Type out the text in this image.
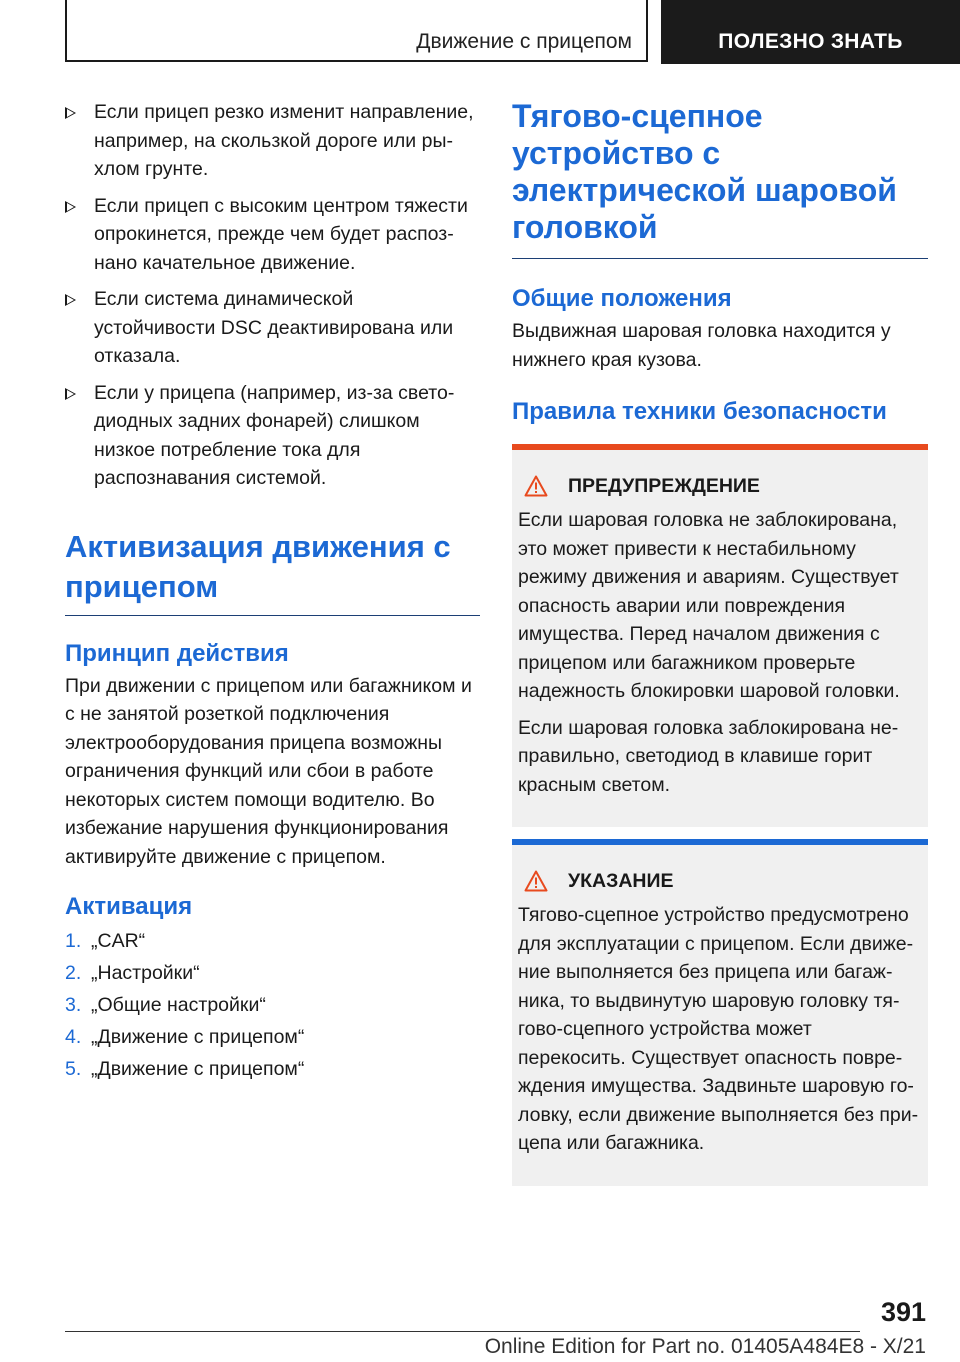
Движение с прицепом	ПОЛЕЗНО ЗНАТЬ
Если прицеп резко изменит направление, например, на скользкой дороге или рыхлом грунте.
Если прицеп с высоким центром тяжести опрокинется, прежде чем будет распознано качательное движение.
Если система динамической устойчивости DSC деактивирована или отказала.
Если у прицепа (например, из-за светодиодных задних фонарей) слишком низкое потребление тока для распознавания системой.
Активизация движения с прицепом
Принцип действия

При движении с прицепом или багажником и с не занятой розеткой подключения электрооборудования прицепа возможны ограничения функций или сбои в работе некоторых систем помощи водителю. Во избежание нарушения функционирования активируйте движение с прицепом.

Активация
1. „CAR“
2. „Настройки“
3. „Общие настройки“
4. „Движение с прицепом“
5. „Движение с прицепом“
Тягово-сцепное устройство с электрической шаровой головкой
Общие положения

Выдвижная шаровая головка находится у нижнего края кузова.

Правила техники безопасности
ПРЕДУПРЕЖДЕНИЕ

Если шаровая головка не заблокирована, это может привести к нестабильному режиму движения и авариям. Существует опасность аварии или повреждения имущества. Перед началом движения с прицепом или багажником проверьте надежность блокировки шаровой головки.

Если шаровая головка заблокирована неправильно, светодиод в клавише горит красным светом.

УКАЗАНИЕ

Тягово-сцепное устройство предусмотрено для эксплуатации с прицепом. Если движение выполняется без прицепа или багажника, то выдвинутую шаровую головку тягово-сцепного устройства может перекосить. Существует опасность повреждения имущества. Задвиньте шаровую головку, если движение выполняется без прицепа или багажника.

391
Online Edition for Part no. 01405A484E8 - X/21
